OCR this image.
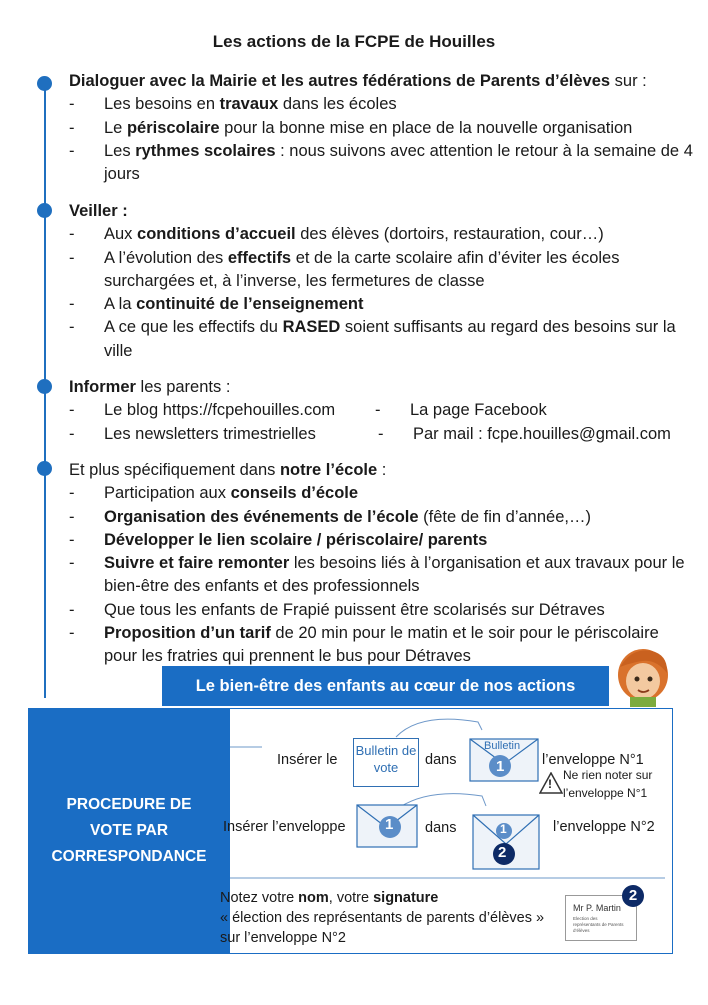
Les actions de la FCPE de Houilles
Dialoguer avec la Mairie et les autres fédérations de Parents d’élèves sur :
- Les besoins en travaux dans les écoles
- Le périscolaire pour la bonne mise en place de la nouvelle organisation
- Les rythmes scolaires : nous suivons avec attention le retour à la semaine de 4 jours
Veiller :
- Aux conditions d’accueil des élèves (dortoirs, restauration, cour…)
- A l’évolution des effectifs et de la carte scolaire afin d’éviter les écoles surchargées et, à l’inverse, les fermetures de classe
- A la continuité de l’enseignement
- A ce que les effectifs du RASED soient suffisants au regard des besoins sur la ville
Informer les parents :
- Le blog https://fcpehouilles.com	- La page Facebook
- Les newsletters trimestrielles	- Par mail : fcpe.houilles@gmail.com
Et plus spécifiquement dans notre l’école :
- Participation aux conseils d’école
- Organisation des événements de l’école (fête de fin d’année,…)
- Développer le lien scolaire / périscolaire/ parents
- Suivre et faire remonter les besoins liés à l’organisation et aux travaux pour le bien-être des enfants et des professionnels
- Que tous les enfants de Frapié puissent être scolarisés sur Détraves
- Proposition d’un tarif de 20 min pour le matin et le soir pour le périscolaire pour les fratries qui prennent le bus pour Détraves
Le bien-être des enfants au cœur de nos actions
PROCEDURE DE VOTE PAR CORRESPONDANCE
Insérer le
Bulletin de vote	dans
Bulletin
1	l’enveloppe N°1
!
Ne rien noter sur l’enveloppe N°1
Insérer l’enveloppe	1 dans	1
2
l’enveloppe N°2
Notez votre nom, votre signature
« élection des représentants de parents d’élèves »
sur l’enveloppe N°2
Mr P. Martin
Election des représentants de Parents d’élèves
2
